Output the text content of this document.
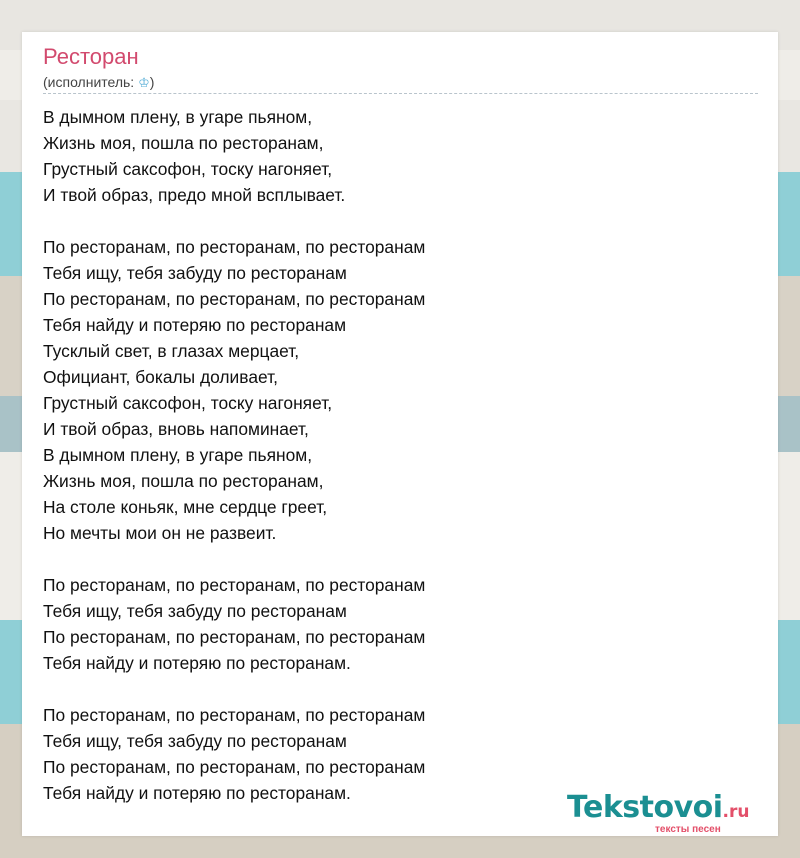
Ресторан
(исполнитель: ♔)
В дымном плену, в угаре пьяном,
Жизнь моя, пошла по ресторанам,
Грустный саксофон, тоску нагоняет,
И твой образ, предо мной всплывает.
По ресторанам, по ресторанам, по ресторанам
Тебя ищу, тебя забуду по ресторанам
По ресторанам, по ресторанам, по ресторанам
Тебя найду и потеряю по ресторанам
Тусклый свет, в глазах мерцает,
Официант, бокалы доливает,
Грустный саксофон, тоску нагоняет,
И твой образ, вновь напоминает,
В дымном плену, в угаре пьяном,
Жизнь моя, пошла по ресторанам,
На столе коньяк, мне сердце греет,
Но мечты мои он не развеит.
По ресторанам, по ресторанам, по ресторанам
Тебя ищу, тебя забуду по ресторанам
По ресторанам, по ресторанам, по ресторанам
Тебя найду и потеряю по ресторанам.
По ресторанам, по ресторанам, по ресторанам
Тебя ищу, тебя забуду по ресторанам
По ресторанам, по ресторанам, по ресторанам
Тебя найду и потеряю по ресторанам.	Tekstovoi.ru
тексты песен
